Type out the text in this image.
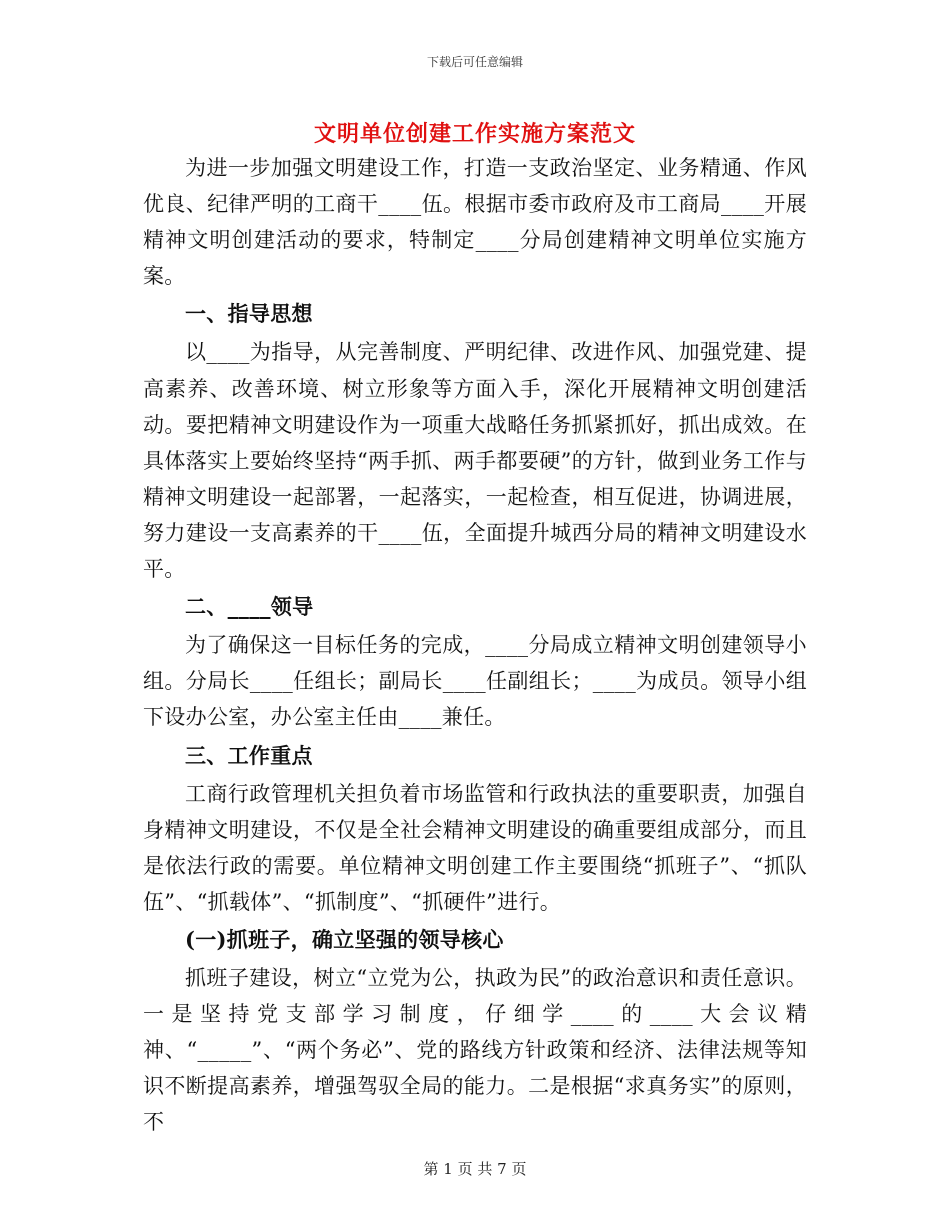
下载后可任意编辑
文明单位创建工作实施方案范文

为进一步加强文明建设工作，打造一支政治坚定、业务精通、作风优良、纪律严明的工商干____伍。根据市委市政府及市工商局____开展精神文明创建活动的要求，特制定____分局创建精神文明单位实施方案。

一、指导思想

以____为指导，从完善制度、严明纪律、改进作风、加强党建、提高素养、改善环境、树立形象等方面入手，深化开展精神文明创建活动。要把精神文明建设作为一项重大战略任务抓紧抓好，抓出成效。在具体落实上要始终坚持“两手抓、两手都要硬”的方针，做到业务工作与精神文明建设一起部署，一起落实，一起检查，相互促进，协调进展，努力建设一支高素养的干____伍，全面提升城西分局的精神文明建设水平。

二、____领导

为了确保这一目标任务的完成，____分局成立精神文明创建领导小组。分局长____任组长；副局长____任副组长；____为成员。领导小组下设办公室，办公室主任由____兼任。

三、工作重点

工商行政管理机关担负着市场监管和行政执法的重要职责，加强自身精神文明建设，不仅是全社会精神文明建设的确重要组成部分，而且是依法行政的需要。单位精神文明创建工作主要围绕“抓班子”、“抓队伍”、“抓载体”、“抓制度”、“抓硬件”进行。

(一)抓班子，确立坚强的领导核心

抓班子建设，树立“立党为公，执政为民”的政治意识和责任意识。一是坚持党支部学习制度，仔细学____的____大会议精神、“_____”、“两个务必”、党的路线方针政策和经济、法律法规等知识不断提高素养，增强驾驭全局的能力。二是根据“求真务实”的原则，不

第 1 页 共 7 页
